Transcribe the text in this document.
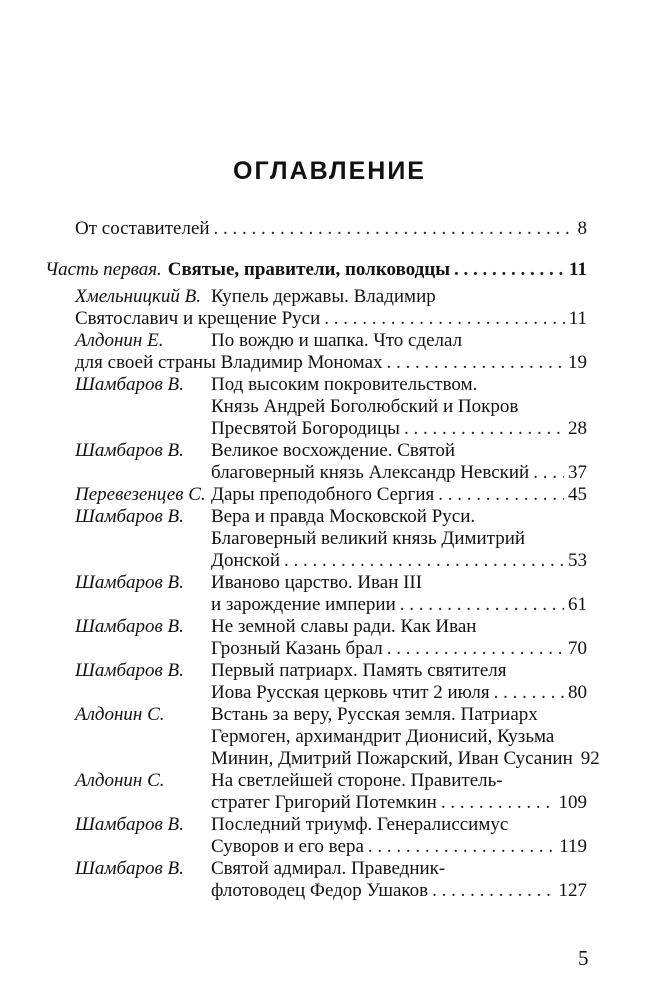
ОГЛАВЛЕНИЕ
От составителей . . .	8
Часть первая. Святые, правители, полководцы . . .	11
Хмельницкий В. Купель державы. Владимир
Святославич и крещение Руси . . .	11
Алдонин Е.	По вождю и шапка. Что сделал
для своей страны Владимир Мономах . . .	19
Шамбаров В.	Под высоким покровительством.
Князь Андрей Боголюбский и Покров
Пресвятой Богородицы . . .	28
Шамбаров В.	Великое восхождение. Святой
благоверный князь Александр Невский . . . 37
Перевезенцев С. Дары преподобного Сергия . . .	45
Шамбаров В.	Вера и правда Московской Руси.
Благоверный великий князь Димитрий
Донской . . .	53
Шамбаров В.	Иваново царство. Иван III
и зарождение империи . . .	61
Шамбаров В.	Не земной славы ради. Как Иван
Грозный Казань брал . . .	70
Шамбаров В.	Первый патриарх. Память святителя
Иова Русская церковь чтит 2 июля . . .	80
Алдонин С.	Встань за веру, Русская земля. Патриарх
Гермоген, архимандрит Дионисий, Кузьма
Минин, Дмитрий Пожарский, Иван Сусанин 92
Алдонин С.	На светлейшей стороне. Правитель-
стратег Григорий Потемкин . . .	109
Шамбаров В.	Последний триумф. Генералиссимус
Суворов и его вера . . .	119
Шамбаров В.	Святой адмирал. Праведник-
флотоводец Федор Ушаков . . .	127
5
